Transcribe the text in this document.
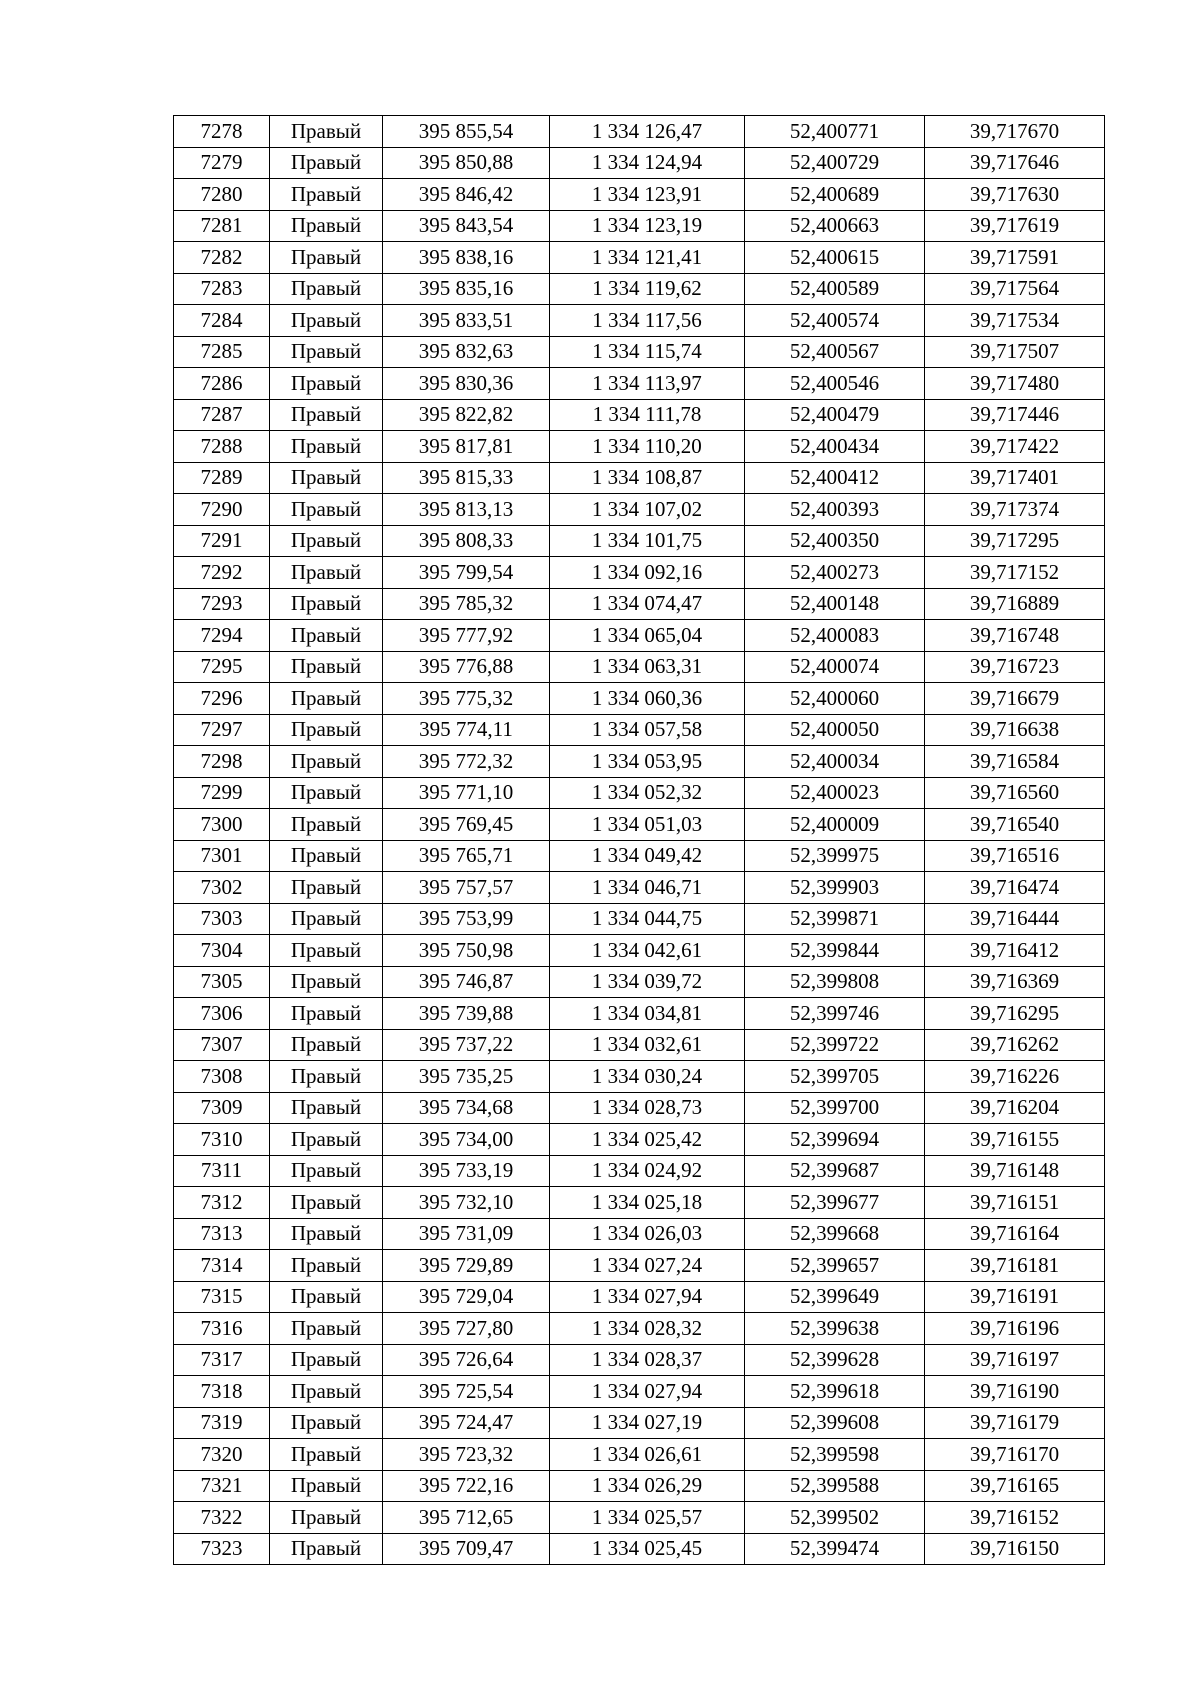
7278	Правый	395 855,54	1 334 126,47	52,400771	39,717670
7279	Правый	395 850,88	1 334 124,94	52,400729	39,717646
7280	Правый	395 846,42	1 334 123,91	52,400689	39,717630
7281	Правый	395 843,54	1 334 123,19	52,400663	39,717619
7282	Правый	395 838,16	1 334 121,41	52,400615	39,717591
7283	Правый	395 835,16	1 334 119,62	52,400589	39,717564
7284	Правый	395 833,51	1 334 117,56	52,400574	39,717534
7285	Правый	395 832,63	1 334 115,74	52,400567	39,717507
7286	Правый	395 830,36	1 334 113,97	52,400546	39,717480
7287	Правый	395 822,82	1 334 111,78	52,400479	39,717446
7288	Правый	395 817,81	1 334 110,20	52,400434	39,717422
7289	Правый	395 815,33	1 334 108,87	52,400412	39,717401
7290	Правый	395 813,13	1 334 107,02	52,400393	39,717374
7291	Правый	395 808,33	1 334 101,75	52,400350	39,717295
7292	Правый	395 799,54	1 334 092,16	52,400273	39,717152
7293	Правый	395 785,32	1 334 074,47	52,400148	39,716889
7294	Правый	395 777,92	1 334 065,04	52,400083	39,716748
7295	Правый	395 776,88	1 334 063,31	52,400074	39,716723
7296	Правый	395 775,32	1 334 060,36	52,400060	39,716679
7297	Правый	395 774,11	1 334 057,58	52,400050	39,716638
7298	Правый	395 772,32	1 334 053,95	52,400034	39,716584
7299	Правый	395 771,10	1 334 052,32	52,400023	39,716560
7300	Правый	395 769,45	1 334 051,03	52,400009	39,716540
7301	Правый	395 765,71	1 334 049,42	52,399975	39,716516
7302	Правый	395 757,57	1 334 046,71	52,399903	39,716474
7303	Правый	395 753,99	1 334 044,75	52,399871	39,716444
7304	Правый	395 750,98	1 334 042,61	52,399844	39,716412
7305	Правый	395 746,87	1 334 039,72	52,399808	39,716369
7306	Правый	395 739,88	1 334 034,81	52,399746	39,716295
7307	Правый	395 737,22	1 334 032,61	52,399722	39,716262
7308	Правый	395 735,25	1 334 030,24	52,399705	39,716226
7309	Правый	395 734,68	1 334 028,73	52,399700	39,716204
7310	Правый	395 734,00	1 334 025,42	52,399694	39,716155
7311	Правый	395 733,19	1 334 024,92	52,399687	39,716148
7312	Правый	395 732,10	1 334 025,18	52,399677	39,716151
7313	Правый	395 731,09	1 334 026,03	52,399668	39,716164
7314	Правый	395 729,89	1 334 027,24	52,399657	39,716181
7315	Правый	395 729,04	1 334 027,94	52,399649	39,716191
7316	Правый	395 727,80	1 334 028,32	52,399638	39,716196
7317	Правый	395 726,64	1 334 028,37	52,399628	39,716197
7318	Правый	395 725,54	1 334 027,94	52,399618	39,716190
7319	Правый	395 724,47	1 334 027,19	52,399608	39,716179
7320	Правый	395 723,32	1 334 026,61	52,399598	39,716170
7321	Правый	395 722,16	1 334 026,29	52,399588	39,716165
7322	Правый	395 712,65	1 334 025,57	52,399502	39,716152
7323	Правый	395 709,47	1 334 025,45	52,399474	39,716150
